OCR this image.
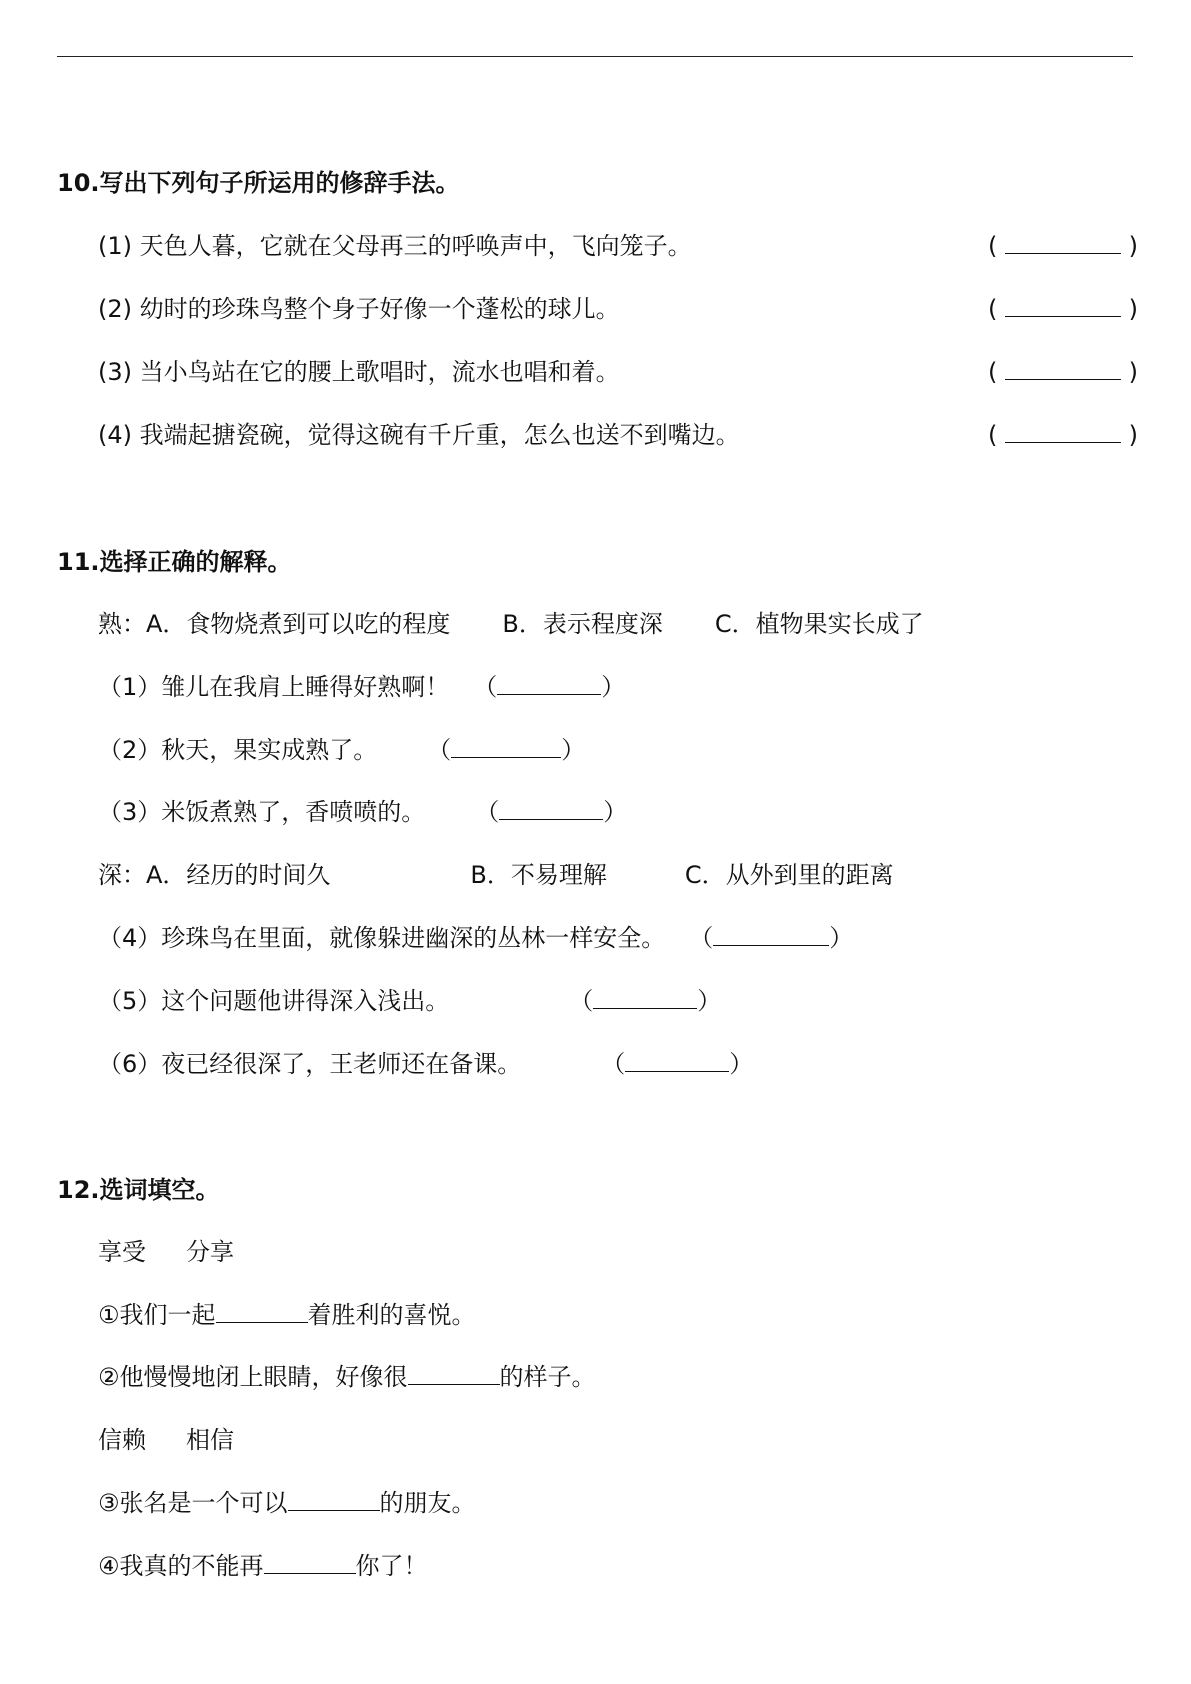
10.写出下列句子所运用的修辞手法。
(1) 天色人暮，它就在父母再三的呼唤声中，飞向笼子。	(	)
(2) 幼时的珍珠鸟整个身子好像一个蓬松的球儿。	(	)
(3) 当小鸟站在它的腰上歌唱时，流水也唱和着。	(	)
(4) 我端起搪瓷碗，觉得这碗有千斤重，怎么也送不到嘴边。	(	)
11.选择正确的解释。
熟：A．食物烧煮到可以吃的程度 B．表示程度深 C．植物果实长成了
（1）雏儿在我肩上睡得好熟啊！ （	）
（2）秋天，果实成熟了。 （	）
（3）米饭煮熟了，香喷喷的。 （	）
深：A．经历的时间久	B．不易理解	C．从外到里的距离
（4）珍珠鸟在里面，就像躲进幽深的丛林一样安全。 （	）
（5）这个问题他讲得深入浅出。	（	）
（6）夜已经很深了，王老师还在备课。	（	）
12.选词填空。
享受 分享
①我们一起	着胜利的喜悦。
②他慢慢地闭上眼睛，好像很	的样子。
信赖 相信
③张名是一个可以	的朋友。
④我真的不能再	你了！
